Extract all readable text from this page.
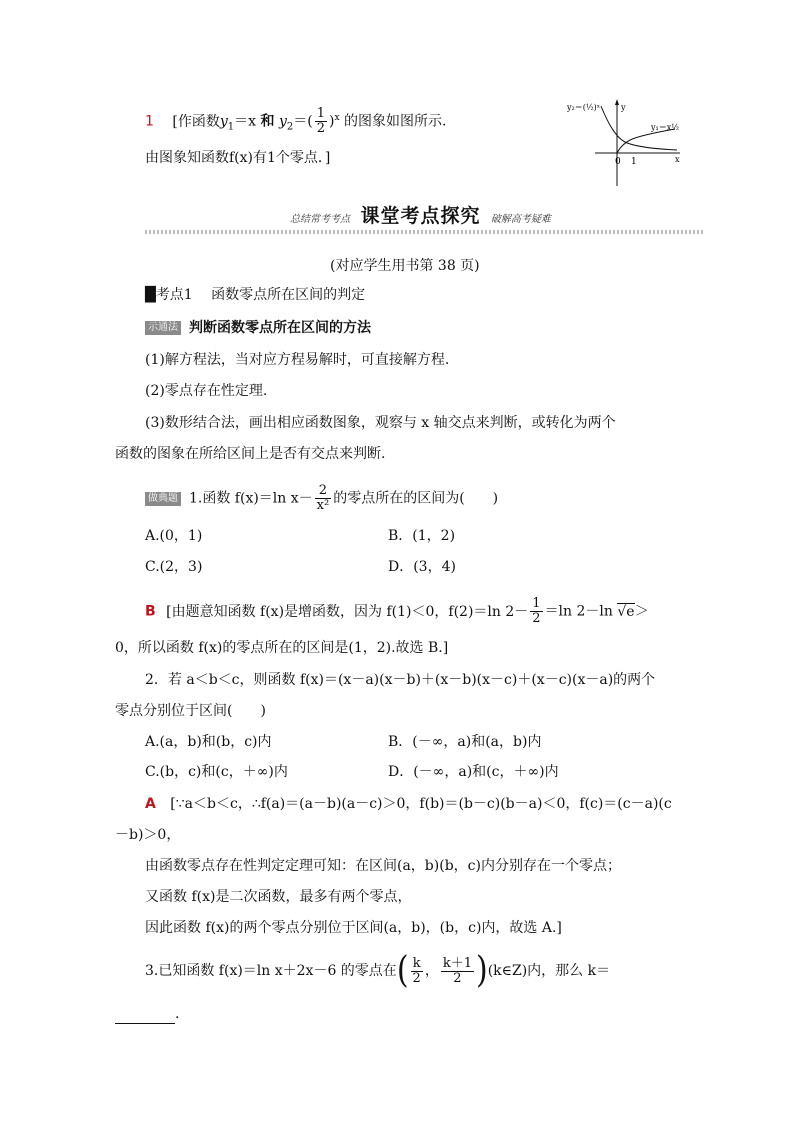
1 [作函数$y_1=x$ 和 $y_2=( \frac{1}{2} )^x$ 的图象如图所示.
由图象知函数f(x)有1个零点．]
y₂＝(½)ˣ
y₁＝x½
y
x
0 1
总结常考考点 课堂考点探究 破解高考疑难
(对应学生用书第 38 页)
█考点1 函数零点所在区间的判定
示通法 判断函数零点所在区间的方法
(1)解方程法，当对应方程易解时，可直接解方程.
(2)零点存在性定理.
(3)数形结合法，画出相应函数图象，观察与 x 轴交点来判断，或转化为两个
函数的图象在所给区间上是否有交点来判断.
做典题 1.函数 f(x)＝ln $x- \frac{2}{\text{x²}}$ 的零点所在的区间为(　　)
A.(0，1)	B．(1，2)
C.(2，3)	D．(3，4)
B [由题意知函数 f(x)是增函数，因为 f(1)＜0，f(2)＝ln $2- \frac{1}{2} =\ln$ 2－ln √e＞
0，所以函数 f(x)的零点所在的区间是(1，2).故选 B.]
2．若 a＜b＜c，则函数 f(x)＝(x－a)(x－b)＋(x－b)(x－c)＋(x－c)(x－a)的两个
零点分别位于区间(　　)
A.(a，b)和(b，c)内	B．(－∞，a)和(a，b)内
C.(b，c)和(c，＋∞)内	D．(－∞，a)和(c，＋∞)内
A [∵a＜b＜c，∴f(a)＝(a－b)(a－c)＞0，f(b)＝(b－c)(b－a)＜0，f(c)＝(c－a)(c
－b)＞0，
由函数零点存在性判定定理可知：在区间(a，b)(b，c)内分别存在一个零点；
又函数 f(x)是二次函数，最多有两个零点，
因此函数 f(x)的两个零点分别位于区间(a，b)，(b，c)内，故选 A.]
3.已知函数 f(x)＝ln x＋2x－6 的零点在( $\frac{k}{2}$ ， $\frac{k+1}{2}$ )(k∈Z)内，那么 k＝
.
